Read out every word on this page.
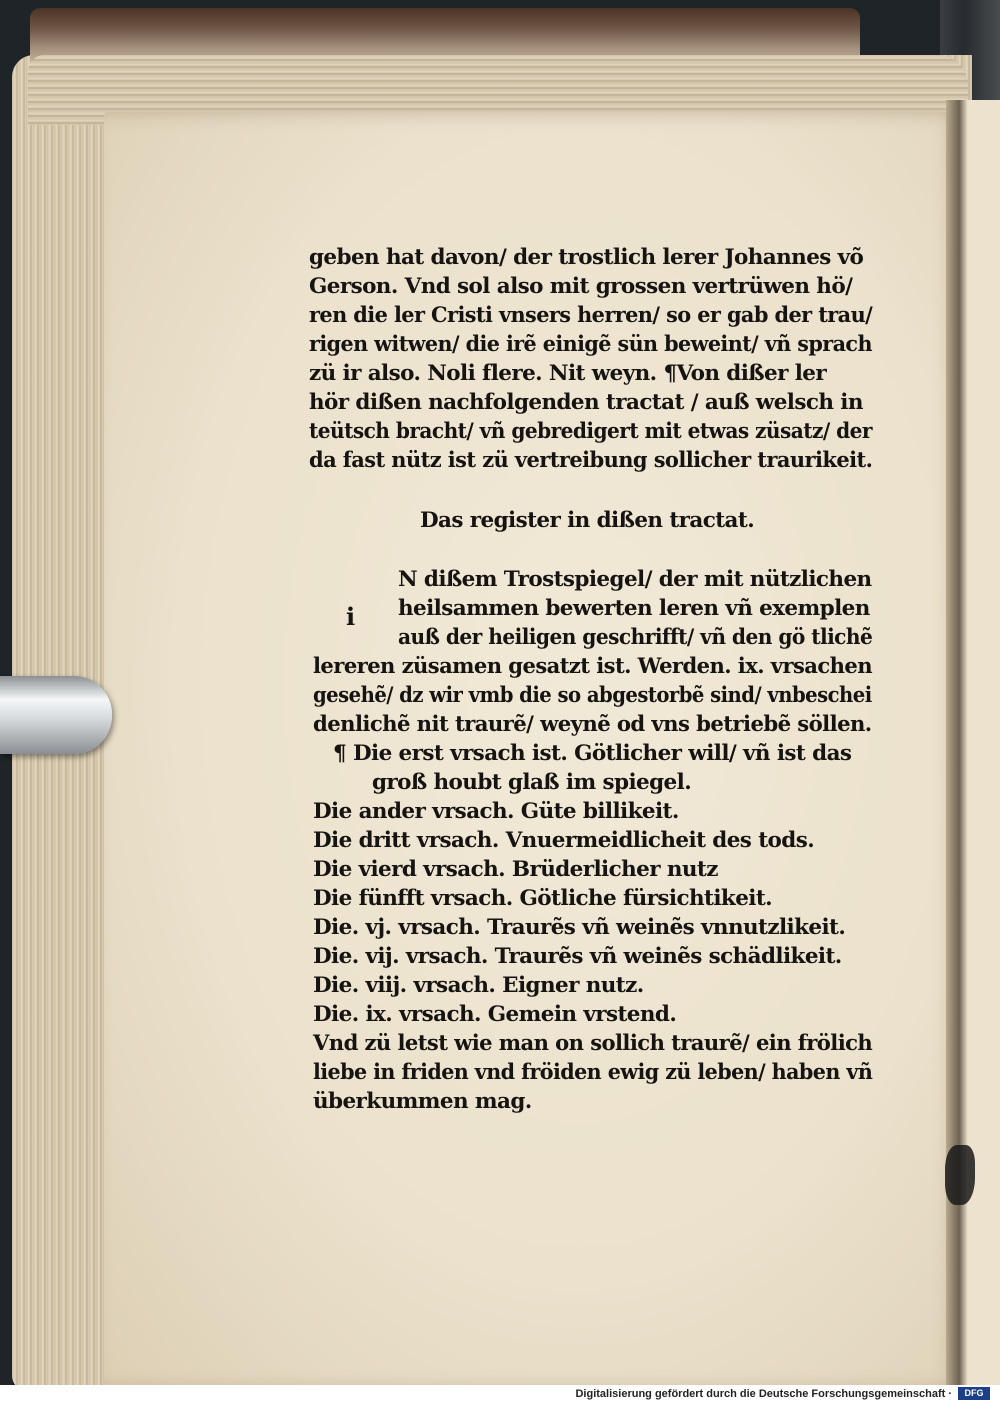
geben hat davon/ der trostlich lerer Johannes võ
Gerson. Vnd sol also mit grossen vertrüwen hö/
ren die ler Cristi vnsers herren/ so er gab der trau/
rigen witwen/ die irẽ einigẽ sün beweint/ vñ sprach
zü ir also. Noli flere. Nit weyn. ¶Von dißer ler
hör dißen nachfolgenden tractat / auß welsch in
teütsch bracht/ vñ gebredigert mit etwas züsatz/ der
da fast nütz ist zü vertreibung sollicher traurikeit.
Das register in dißen tractat.
i
N dißem Trostspiegel/ der mit nützlichen
heilsammen bewerten leren vñ exemplen
auß der heiligen geschrifft/ vñ den gö tlichẽ
lereren züsamen gesatzt ist. Werden. ix. vrsachen
gesehẽ/ dz wir vmb die so abgestorbẽ sind/ vnbeschei
denlichẽ nit traurẽ/ weynẽ od vns betriebẽ söllen.
¶ Die erst vrsach ist. Götlicher will/ vñ ist das
groß houbt glaß im spiegel.
Die ander vrsach. Güte billikeit.
Die dritt vrsach. Vnuermeidlicheit des tods.
Die vierd vrsach. Brüderlicher nutz
Die fünfft vrsach. Götliche fürsichtikeit.
Die. vj. vrsach. Traurẽs vñ weinẽs vnnutzlikeit.
Die. vij. vrsach. Traurẽs vñ weinẽs schädlikeit.
Die. viij. vrsach. Eigner nutz.
Die. ix. vrsach. Gemein vrstend.
Vnd zü letst wie man on sollich traurẽ/ ein frölich
liebe in friden vnd fröiden ewig zü leben/ haben vñ
überkummen mag.
Digitalisierung gefördert durch die Deutsche Forschungsgemeinschaft ·	DFG
